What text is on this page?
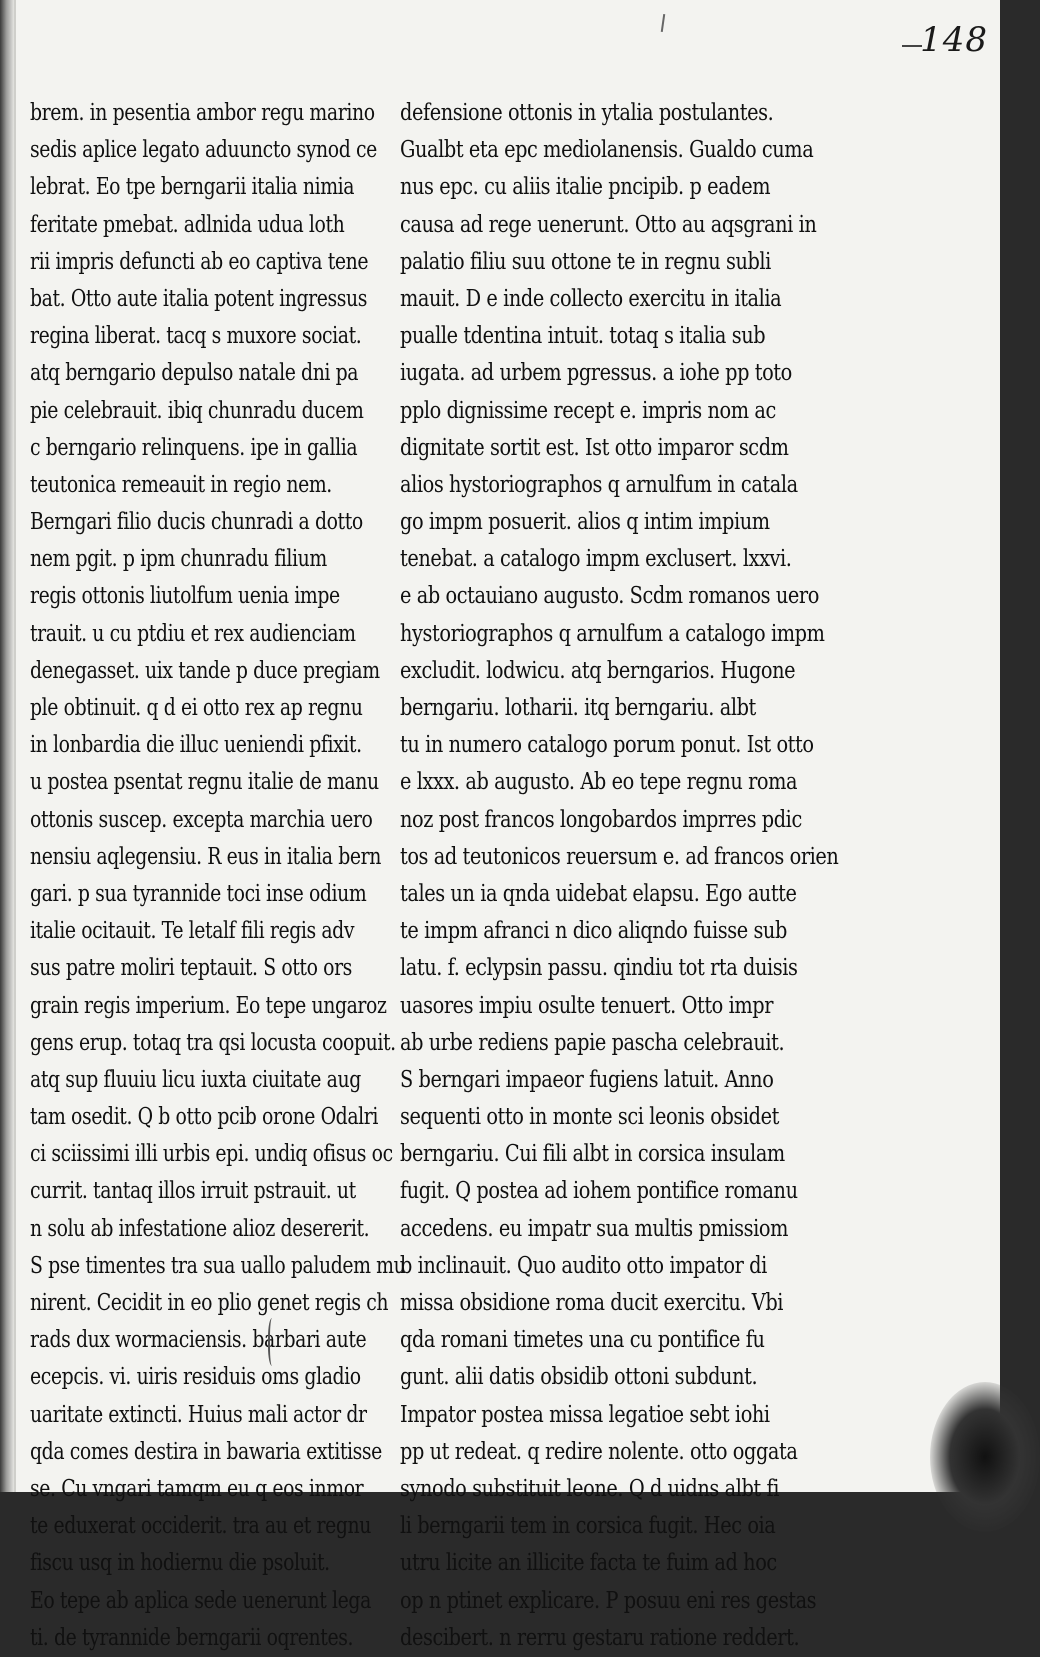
148
brem. in pesentia ambor regu marino
sedis aplice legato aduuncto synod ce
lebrat. Eo tpe berngarii italia nimia
feritate pmebat. adlnida udua loth
rii impris defuncti ab eo captiva tene
bat. Otto aute italia potent ingressus
regina liberat. tacq s muxore sociat.
atq berngario depulso natale dni pa
pie celebrauit. ibiq chunradu ducem
c berngario relinquens. ipe in gallia
teutonica remeauit in regio nem.
Berngari filio ducis chunradi a dotto
nem pgit. p ipm chunradu filium
regis ottonis liutolfum uenia impe
trauit. u cu ptdiu et rex audienciam
denegasset. uix tande p duce pregiam
ple obtinuit. q d ei otto rex ap regnu
in lonbardia die illuc ueniendi pfixit.
u postea psentat regnu italie de manu
ottonis suscep. excepta marchia uero
nensiu aqlegensiu. R eus in italia bern
gari. p sua tyrannide toci inse odium
italie ocitauit. Te letalf fili regis adv
sus patre moliri teptauit. S otto ors
grain regis imperium. Eo tepe ungaroz
gens erup. totaq tra qsi locusta coopuit.
atq sup fluuiu licu iuxta ciuitate aug
tam osedit. Q b otto pcib orone Odalri
ci sciissimi illi urbis epi. undiq ofisus oc
currit. tantaq illos irruit pstrauit. ut
n solu ab infestatione alioz desererit.
S pse timentes tra sua uallo paludem mu
nirent. Cecidit in eo plio genet regis ch
rads dux wormaciensis. barbari aute
ecepcis. vi. uiris residuis oms gladio
uaritate extincti. Huius mali actor dr
qda comes destira in bawaria extitisse
se. Cu vngari tamqm eu q eos inmor
te eduxerat occiderit. tra au et regnu
fiscu usq in hodiernu die psoluit.
Eo tepe ab aplica sede uenerunt lega
ti. de tyrannide berngarii oqrentes.
defensione ottonis in ytalia postulantes.
Gualbt eta epc mediolanensis. Gualdo cuma
nus epc. cu aliis italie pncipib. p eadem
causa ad rege uenerunt. Otto au aqsgrani in
palatio filiu suu ottone te in regnu subli
mauit. D e inde collecto exercitu in italia
pualle tdentina intuit. totaq s italia sub
iugata. ad urbem pgressus. a iohe pp toto
pplo dignissime recept e. impris nom ac
dignitate sortit est. Ist otto imparor scdm
alios hystoriographos q arnulfum in catala
go impm posuerit. alios q intim impium
tenebat. a catalogo impm exclusert. lxxvi.
e ab octauiano augusto. Scdm romanos uero
hystoriographos q arnulfum a catalogo impm
excludit. lodwicu. atq berngarios. Hugone
berngariu. lotharii. itq berngariu. albt
tu in numero catalogo porum ponut. Ist otto
e lxxx. ab augusto. Ab eo tepe regnu roma
noz post francos longobardos imprres pdic
tos ad teutonicos reuersum e. ad francos orien
tales un ia qnda uidebat elapsu. Ego autte
te impm afranci n dico aliqndo fuisse sub
latu. f. eclypsin passu. qindiu tot rta duisis
uasores impiu osulte tenuert. Otto impr
ab urbe rediens papie pascha celebrauit.
S berngari impaeor fugiens latuit. Anno
sequenti otto in monte sci leonis obsidet
berngariu. Cui fili albt in corsica insulam
fugit. Q postea ad iohem pontifice romanu
accedens. eu impatr sua multis pmissiom
b inclinauit. Quo audito otto impator di
missa obsidione roma ducit exercitu. Vbi
qda romani timetes una cu pontifice fu
gunt. alii datis obsidib ottoni subdunt.
Impator postea missa legatioe sebt iohi
pp ut redeat. q redire nolente. otto oggata
synodo substituit leone. Q d uidns albt fi
li berngarii tem in corsica fugit. Hec oia
utru licite an illicite facta te fuim ad hoc
op n ptinet explicare. P posuu eni res gestas
descibert. n rerru gestaru ratione reddert.
